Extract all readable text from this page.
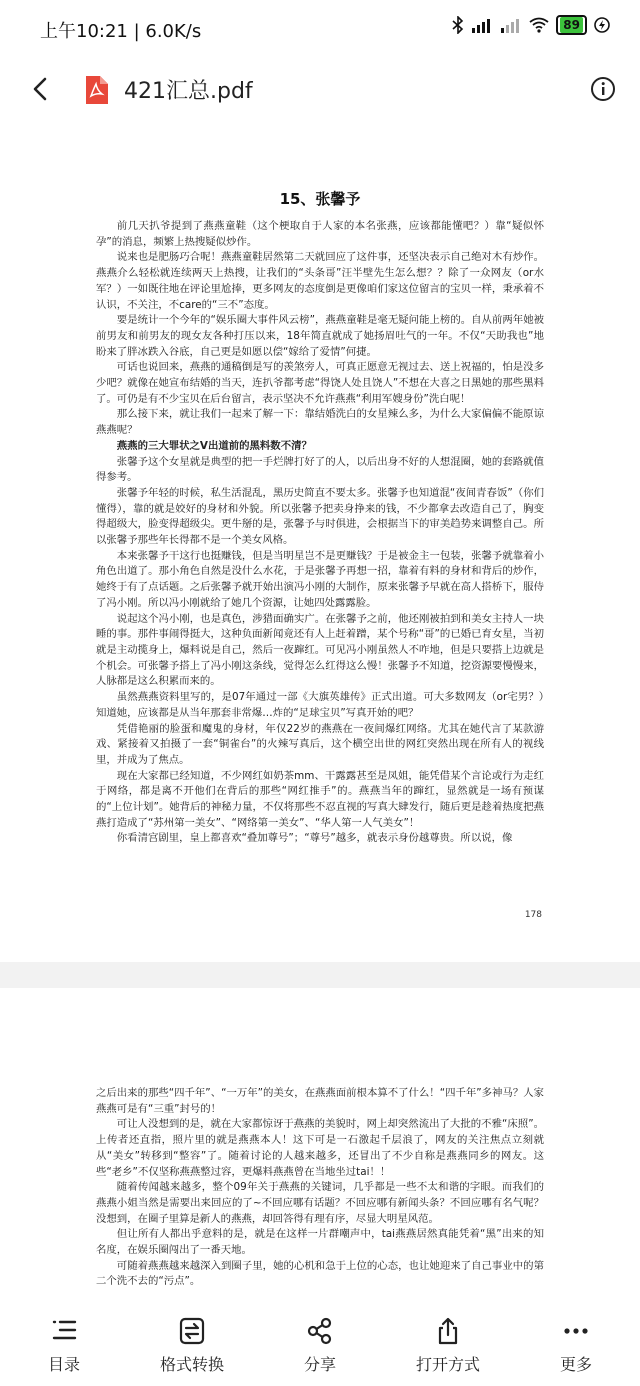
上午10:21 | 6.0K/s	89
421汇总.pdf
15、张馨予

前几天扒爷提到了燕燕童鞋（这个梗取自于人家的本名张燕，应该都能懂吧？）靠“疑似怀孕”的消息，频繁上热搜疑似炒作。

说来也是肥肠巧合呢！燕燕童鞋居然第二天就回应了这件事，还坚决表示自己绝对木有炒作。燕燕介么轻松就连续两天上热搜，让我们的“头条哥”汪半壁先生怎么想？？除了一众网友（or水军？）一如既往地在评论里尬捧，更多网友的态度倒是更像咱们家这位留言的宝贝一样，秉承着不认识，不关注，不care的“三不”态度。

要是统计一个今年的“娱乐圈大事件风云榜”，燕燕童鞋是毫无疑问能上榜的。自从前两年她被前男友和前男友的现女友各种打压以来，18年简直就成了她扬眉吐气的一年。不仅“天助我也”地盼来了胖冰跌入谷底，自己更是如愿以偿“嫁给了爱情”何捷。

可话也说回来，燕燕的通稿倒是写的羡煞旁人，可真正愿意无视过去、送上祝福的，怕是没多少吧？就像在她宣布结婚的当天，连扒爷都考虑“得饶人处且饶人”不想在大喜之日黑她的那些黑料了。可仍是有不少宝贝在后台留言，表示坚决不允许燕燕“利用军嫂身份”洗白呢！

那么接下来，就让我们一起来了解一下：靠结婚洗白的女星辣么多，为什么大家偏偏不能原谅燕燕呢？

燕燕的三大罪状之V出道前的黑料数不清？

张馨予这个女星就是典型的把一手烂牌打好了的人，以后出身不好的人想混圈，她的套路就值得参考。

张馨予年轻的时候，私生活混乱，黑历史简直不要太多。张馨予也知道混“夜间青春饭”（你们懂得），靠的就是姣好的身材和外貌。所以张馨予把卖身挣来的钱，不少都拿去改造自己了，胸变得超级大，脸变得超级尖。更牛掰的是，张馨予与时俱进，会根据当下的审美趋势来调整自己。所以张馨予那些年长得都不是一个美女风格。

本来张馨予干这行也挺赚钱，但是当明星岂不是更赚钱？于是被金主一包装，张馨予就靠着小角色出道了。那小角色自然是没什么水花，于是张馨予再想一招，靠着有料的身材和背后的炒作，她终于有了点话题。之后张馨予就开始出演冯小刚的大制作，原来张馨予早就在高人搭桥下，服侍了冯小刚。所以冯小刚就给了她几个资源，让她四处露露脸。

说起这个冯小刚，也是真色，涉猎面确实广。在张馨予之前，他还刚被拍到和美女主持人一块睡的事。那件事闹得挺大，这种负面新闻竟还有人上赶着蹭，某个号称“哥”的已婚已育女星，当初就是主动揽身上，爆料说是自己，然后一夜蹿红。可见冯小刚虽然人不咋地，但是只要搭上边就是个机会。可张馨予搭上了冯小刚这条线，觉得怎么红得这么慢！张馨予不知道，挖资源要慢慢来，人脉都是这么积累而来的。

虽然燕燕资料里写的，是07年通过一部《大旗英雄传》正式出道。可大多数网友（or宅男？）知道她，应该都是从当年那套非常爆…炸的“足球宝贝”写真开始的吧？

凭借艳丽的脸蛋和魔鬼的身材，年仅22岁的燕燕在一夜间爆红网络。尤其在她代言了某款游戏、紧接着又拍摄了一套“铜雀台”的火辣写真后，这个横空出世的网红突然出现在所有人的视线里，并成为了焦点。

现在大家都已经知道，不少网红如奶茶mm、干露露甚至是凤姐，能凭借某个言论或行为走红于网络，都是离不开他们在背后的那些“网红推手”的。燕燕当年的蹿红，显然就是一场有预谋的“上位计划”。她背后的神秘力量，不仅将那些不忍直视的写真大肆发行，随后更是趁着热度把燕燕打造成了“苏州第一美女”、“网络第一美女”、“华人第一人气美女”！

你看清宫剧里，皇上都喜欢“叠加尊号”；“尊号”越多，就表示身份越尊贵。所以说，像

178

之后出来的那些“四千年”、“一万年”的美女，在燕燕面前根本算不了什么！“四千年”多神马？人家燕燕可是有“三重”封号的！

可让人没想到的是，就在大家都惊讶于燕燕的美貌时，网上却突然流出了大批的不雅“床照”。上传者还直指，照片里的就是燕燕本人！这下可是一石激起千层浪了，网友的关注焦点立刻就从“美女”转移到“整容”了。随着讨论的人越来越多，还冒出了不少自称是燕燕同乡的网友。这些“老乡”不仅坚称燕燕整过容，更爆料燕燕曾在当地坐过tai！！

随着传闻越来越多，整个09年关于燕燕的关键词，几乎都是一些不太和谐的字眼。而我们的燕燕小姐当然是需要出来回应的了~不回应哪有话题？不回应哪有新闻头条？不回应哪有名气呢？没想到，在圈子里算是新人的燕燕，却回答得有理有序，尽显大明星风范。

但让所有人都出乎意料的是，就是在这样一片群嘲声中，tai燕燕居然真能凭着“黑”出来的知名度，在娱乐圈闯出了一番天地。

可随着燕燕越来越深入到圈子里，她的心机和急于上位的心态，也让她迎来了自己事业中的第二个洗不去的“污点”。

目录	格式转换	分享	打开方式	更多
